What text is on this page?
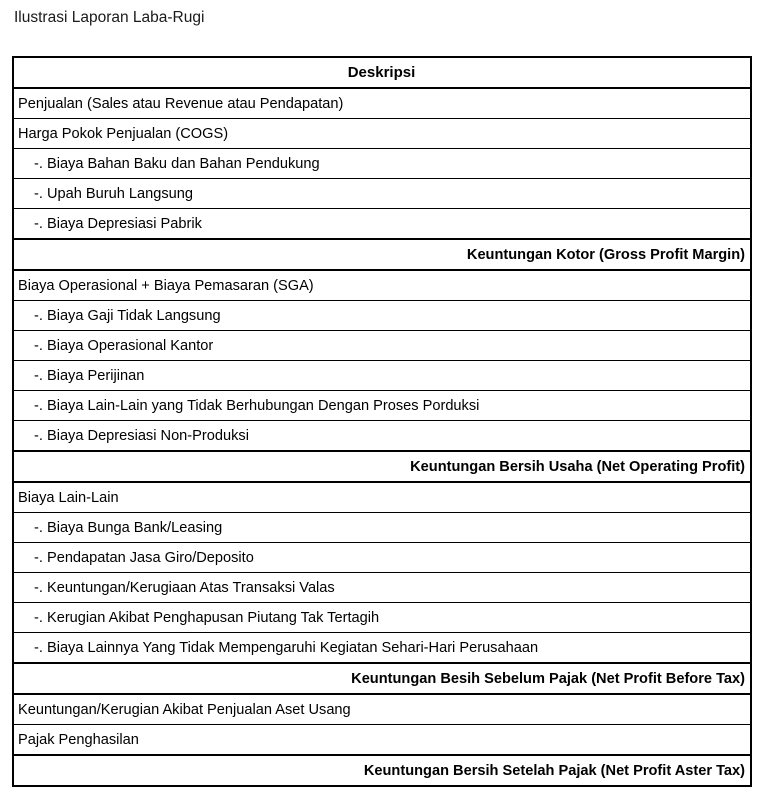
Ilustrasi Laporan Laba-Rugi

Deskripsi
Penjualan (Sales atau Revenue atau Pendapatan)
Harga Pokok Penjualan (COGS)
-. Biaya Bahan Baku dan Bahan Pendukung
-. Upah Buruh Langsung
-. Biaya Depresiasi Pabrik
Keuntungan Kotor (Gross Profit Margin)
Biaya Operasional + Biaya Pemasaran (SGA)
-. Biaya Gaji Tidak Langsung
-. Biaya Operasional Kantor
-. Biaya Perijinan
-. Biaya Lain-Lain yang Tidak Berhubungan Dengan Proses Porduksi
-. Biaya Depresiasi Non-Produksi
Keuntungan Bersih Usaha (Net Operating Profit)
Biaya Lain-Lain
-. Biaya Bunga Bank/Leasing
-. Pendapatan Jasa Giro/Deposito
-. Keuntungan/Kerugiaan Atas Transaksi Valas
-. Kerugian Akibat Penghapusan Piutang Tak Tertagih
-. Biaya Lainnya Yang Tidak Mempengaruhi Kegiatan Sehari-Hari Perusahaan
Keuntungan Besih Sebelum Pajak (Net Profit Before Tax)
Keuntungan/Kerugian Akibat Penjualan Aset Usang
Pajak Penghasilan
Keuntungan Bersih Setelah Pajak (Net Profit Aster Tax)
